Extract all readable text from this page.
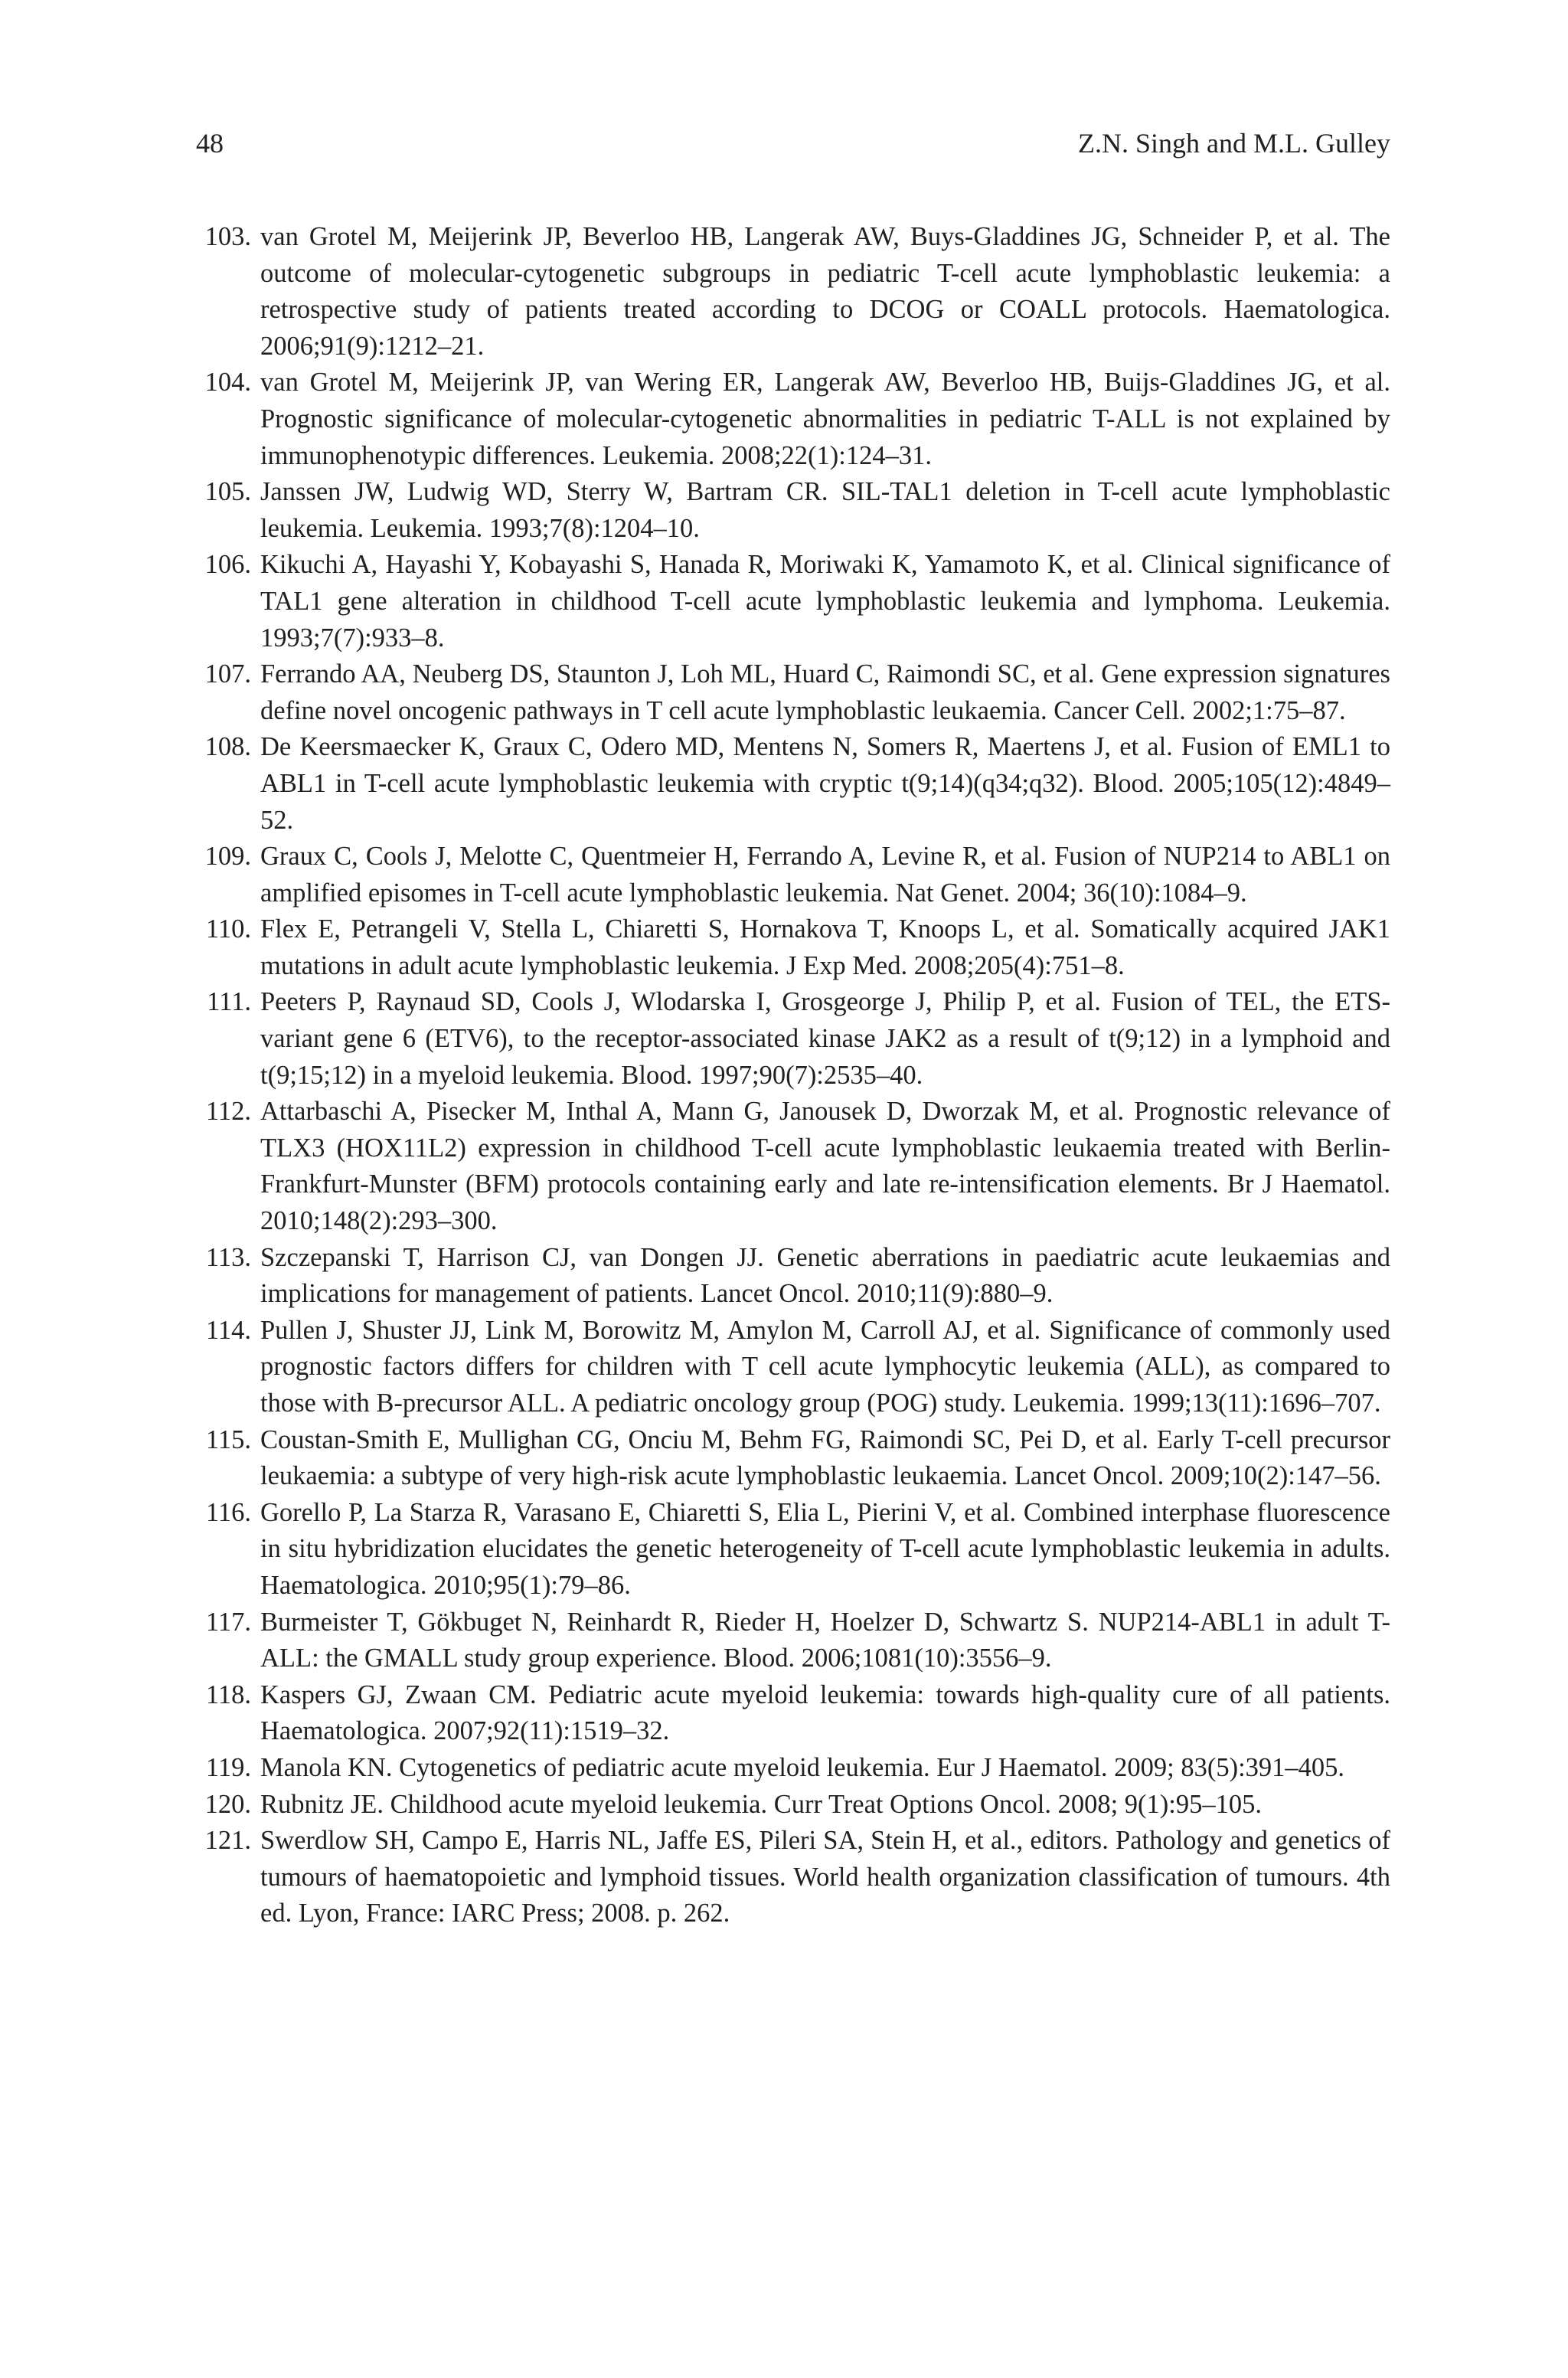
48	Z.N. Singh and M.L. Gulley
103. van Grotel M, Meijerink JP, Beverloo HB, Langerak AW, Buys-Gladdines JG, Schneider P, et al. The outcome of molecular-cytogenetic subgroups in pediatric T-cell acute lymphoblastic leukemia: a retrospective study of patients treated according to DCOG or COALL protocols. Haematologica. 2006;91(9):1212–21.
104. van Grotel M, Meijerink JP, van Wering ER, Langerak AW, Beverloo HB, Buijs-Gladdines JG, et al. Prognostic significance of molecular-cytogenetic abnormalities in pediatric T-ALL is not explained by immunophenotypic differences. Leukemia. 2008;22(1):124–31.
105. Janssen JW, Ludwig WD, Sterry W, Bartram CR. SIL-TAL1 deletion in T-cell acute lymphoblastic leukemia. Leukemia. 1993;7(8):1204–10.
106. Kikuchi A, Hayashi Y, Kobayashi S, Hanada R, Moriwaki K, Yamamoto K, et al. Clinical significance of TAL1 gene alteration in childhood T-cell acute lymphoblastic leukemia and lymphoma. Leukemia. 1993;7(7):933–8.
107. Ferrando AA, Neuberg DS, Staunton J, Loh ML, Huard C, Raimondi SC, et al. Gene expression signatures define novel oncogenic pathways in T cell acute lymphoblastic leukaemia. Cancer Cell. 2002;1:75–87.
108. De Keersmaecker K, Graux C, Odero MD, Mentens N, Somers R, Maertens J, et al. Fusion of EML1 to ABL1 in T-cell acute lymphoblastic leukemia with cryptic t(9;14)(q34;q32). Blood. 2005;105(12):4849–52.
109. Graux C, Cools J, Melotte C, Quentmeier H, Ferrando A, Levine R, et al. Fusion of NUP214 to ABL1 on amplified episomes in T-cell acute lymphoblastic leukemia. Nat Genet. 2004; 36(10):1084–9.
110. Flex E, Petrangeli V, Stella L, Chiaretti S, Hornakova T, Knoops L, et al. Somatically acquired JAK1 mutations in adult acute lymphoblastic leukemia. J Exp Med. 2008;205(4):751–8.
111. Peeters P, Raynaud SD, Cools J, Wlodarska I, Grosgeorge J, Philip P, et al. Fusion of TEL, the ETS-variant gene 6 (ETV6), to the receptor-associated kinase JAK2 as a result of t(9;12) in a lymphoid and t(9;15;12) in a myeloid leukemia. Blood. 1997;90(7):2535–40.
112. Attarbaschi A, Pisecker M, Inthal A, Mann G, Janousek D, Dworzak M, et al. Prognostic relevance of TLX3 (HOX11L2) expression in childhood T-cell acute lymphoblastic leukaemia treated with Berlin-Frankfurt-Munster (BFM) protocols containing early and late re-intensification elements. Br J Haematol. 2010;148(2):293–300.
113. Szczepanski T, Harrison CJ, van Dongen JJ. Genetic aberrations in paediatric acute leukaemias and implications for management of patients. Lancet Oncol. 2010;11(9):880–9.
114. Pullen J, Shuster JJ, Link M, Borowitz M, Amylon M, Carroll AJ, et al. Significance of commonly used prognostic factors differs for children with T cell acute lymphocytic leukemia (ALL), as compared to those with B-precursor ALL. A pediatric oncology group (POG) study. Leukemia. 1999;13(11):1696–707.
115. Coustan-Smith E, Mullighan CG, Onciu M, Behm FG, Raimondi SC, Pei D, et al. Early T-cell precursor leukaemia: a subtype of very high-risk acute lymphoblastic leukaemia. Lancet Oncol. 2009;10(2):147–56.
116. Gorello P, La Starza R, Varasano E, Chiaretti S, Elia L, Pierini V, et al. Combined interphase fluorescence in situ hybridization elucidates the genetic heterogeneity of T-cell acute lymphoblastic leukemia in adults. Haematologica. 2010;95(1):79–86.
117. Burmeister T, Gökbuget N, Reinhardt R, Rieder H, Hoelzer D, Schwartz S. NUP214-ABL1 in adult T-ALL: the GMALL study group experience. Blood. 2006;1081(10):3556–9.
118. Kaspers GJ, Zwaan CM. Pediatric acute myeloid leukemia: towards high-quality cure of all patients. Haematologica. 2007;92(11):1519–32.
119. Manola KN. Cytogenetics of pediatric acute myeloid leukemia. Eur J Haematol. 2009; 83(5):391–405.
120. Rubnitz JE. Childhood acute myeloid leukemia. Curr Treat Options Oncol. 2008; 9(1):95–105.
121. Swerdlow SH, Campo E, Harris NL, Jaffe ES, Pileri SA, Stein H, et al., editors. Pathology and genetics of tumours of haematopoietic and lymphoid tissues. World health organization classification of tumours. 4th ed. Lyon, France: IARC Press; 2008. p. 262.
